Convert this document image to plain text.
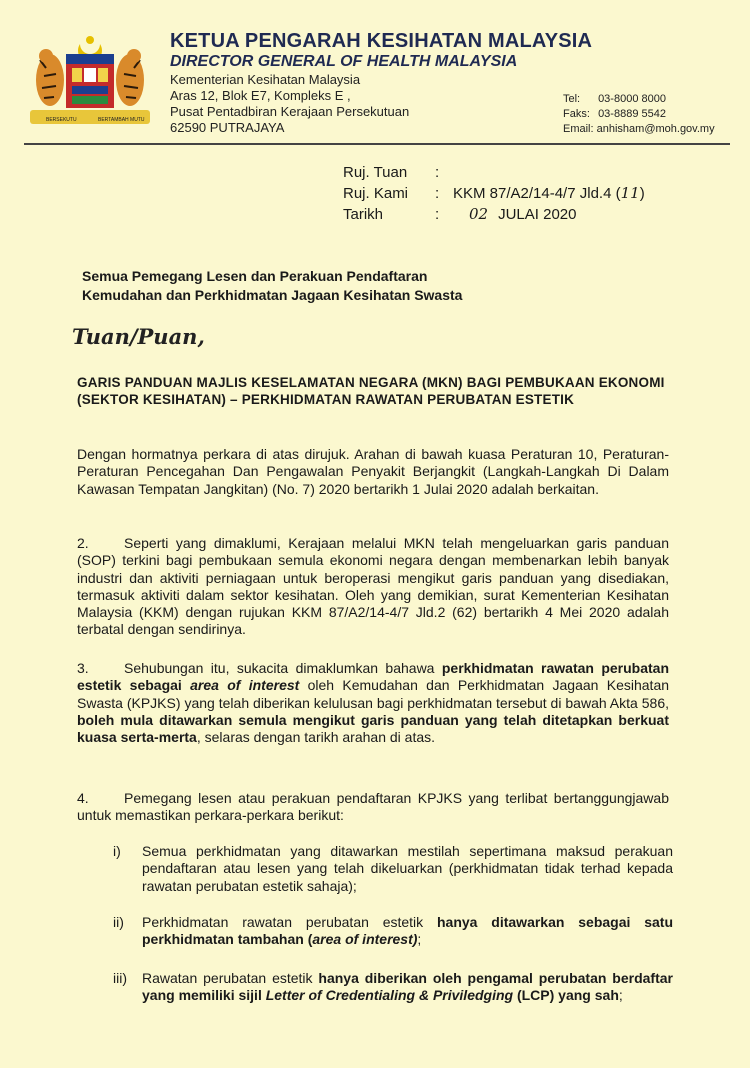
BERSEKUTU	BERTAMBAH MUTU
KETUA PENGARAH KESIHATAN MALAYSIA
DIRECTOR GENERAL OF HEALTH MALAYSIA
Kementerian Kesihatan Malaysia
Aras 12, Blok E7, Kompleks E ,
Pusat Pentadbiran Kerajaan Persekutuan
62590 PUTRAJAYA
Tel: 03-8000 8000
Faks: 03-8889 5542
Email: anhisham@moh.gov.my
Ruj. Tuan :
Ruj. Kami : KKM 87/A2/14-4/7 Jld.4 (11)
Tarikh	: 02 JULAI 2020
Semua Pemegang Lesen dan Perakuan Pendaftaran
Kemudahan dan Perkhidmatan Jagaan Kesihatan Swasta
Tuan/Puan,
GARIS PANDUAN MAJLIS KESELAMATAN NEGARA (MKN) BAGI PEMBUKAAN EKONOMI (SEKTOR KESIHATAN) – PERKHIDMATAN RAWATAN PERUBATAN ESTETIK
Dengan hormatnya perkara di atas dirujuk. Arahan di bawah kuasa Peraturan 10, Peraturan-Peraturan Pencegahan Dan Pengawalan Penyakit Berjangkit (Langkah-Langkah Di Dalam Kawasan Tempatan Jangkitan) (No. 7) 2020 bertarikh 1 Julai 2020 adalah berkaitan.
2.	Seperti yang dimaklumi, Kerajaan melalui MKN telah mengeluarkan garis panduan (SOP) terkini bagi pembukaan semula ekonomi negara dengan membenarkan lebih banyak industri dan aktiviti perniagaan untuk beroperasi mengikut garis panduan yang disediakan, termasuk aktiviti dalam sektor kesihatan. Oleh yang demikian, surat Kementerian Kesihatan Malaysia (KKM) dengan rujukan KKM 87/A2/14-4/7 Jld.2 (62) bertarikh 4 Mei 2020 adalah terbatal dengan sendirinya.
3.	Sehubungan itu, sukacita dimaklumkan bahawa perkhidmatan rawatan perubatan estetik sebagai area of interest oleh Kemudahan dan Perkhidmatan Jagaan Kesihatan Swasta (KPJKS) yang telah diberikan kelulusan bagi perkhidmatan tersebut di bawah Akta 586, boleh mula ditawarkan semula mengikut garis panduan yang telah ditetapkan berkuat kuasa serta-merta, selaras dengan tarikh arahan di atas.
4.	Pemegang lesen atau perakuan pendaftaran KPJKS yang terlibat bertanggungjawab untuk memastikan perkara-perkara berikut:
i) Semua perkhidmatan yang ditawarkan mestilah sepertimana maksud perakuan pendaftaran atau lesen yang telah dikeluarkan (perkhidmatan tidak terhad kepada rawatan perubatan estetik sahaja);
ii) Perkhidmatan rawatan perubatan estetik hanya ditawarkan sebagai satu perkhidmatan tambahan (area of interest);
iii) Rawatan perubatan estetik hanya diberikan oleh pengamal perubatan berdaftar yang memiliki sijil Letter of Credentialing & Priviledging (LCP) yang sah;
